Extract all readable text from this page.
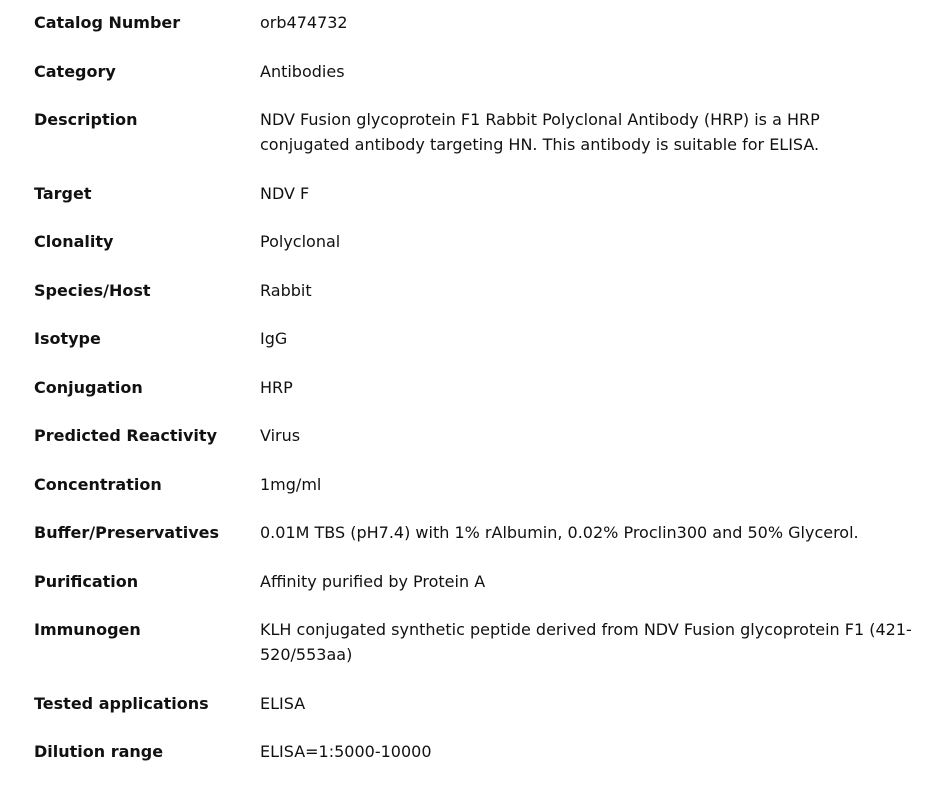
Catalog Number	orb474732
Category	Antibodies
Description	NDV Fusion glycoprotein F1 Rabbit Polyclonal Antibody (HRP) is a HRP
conjugated antibody targeting HN. This antibody is suitable for ELISA.
Target	NDV F
Clonality	Polyclonal
Species/Host	Rabbit
Isotype	IgG
Conjugation	HRP
Predicted Reactivity	Virus
Concentration	1mg/ml
Buffer/Preservatives	0.01M TBS (pH7.4) with 1% rAlbumin, 0.02% Proclin300 and 50% Glycerol.
Purification	Affinity purified by Protein A
Immunogen	KLH conjugated synthetic peptide derived from NDV Fusion glycoprotein F1 (421-
520/553aa)
Tested applications	ELISA
Dilution range	ELISA=1:5000-10000
